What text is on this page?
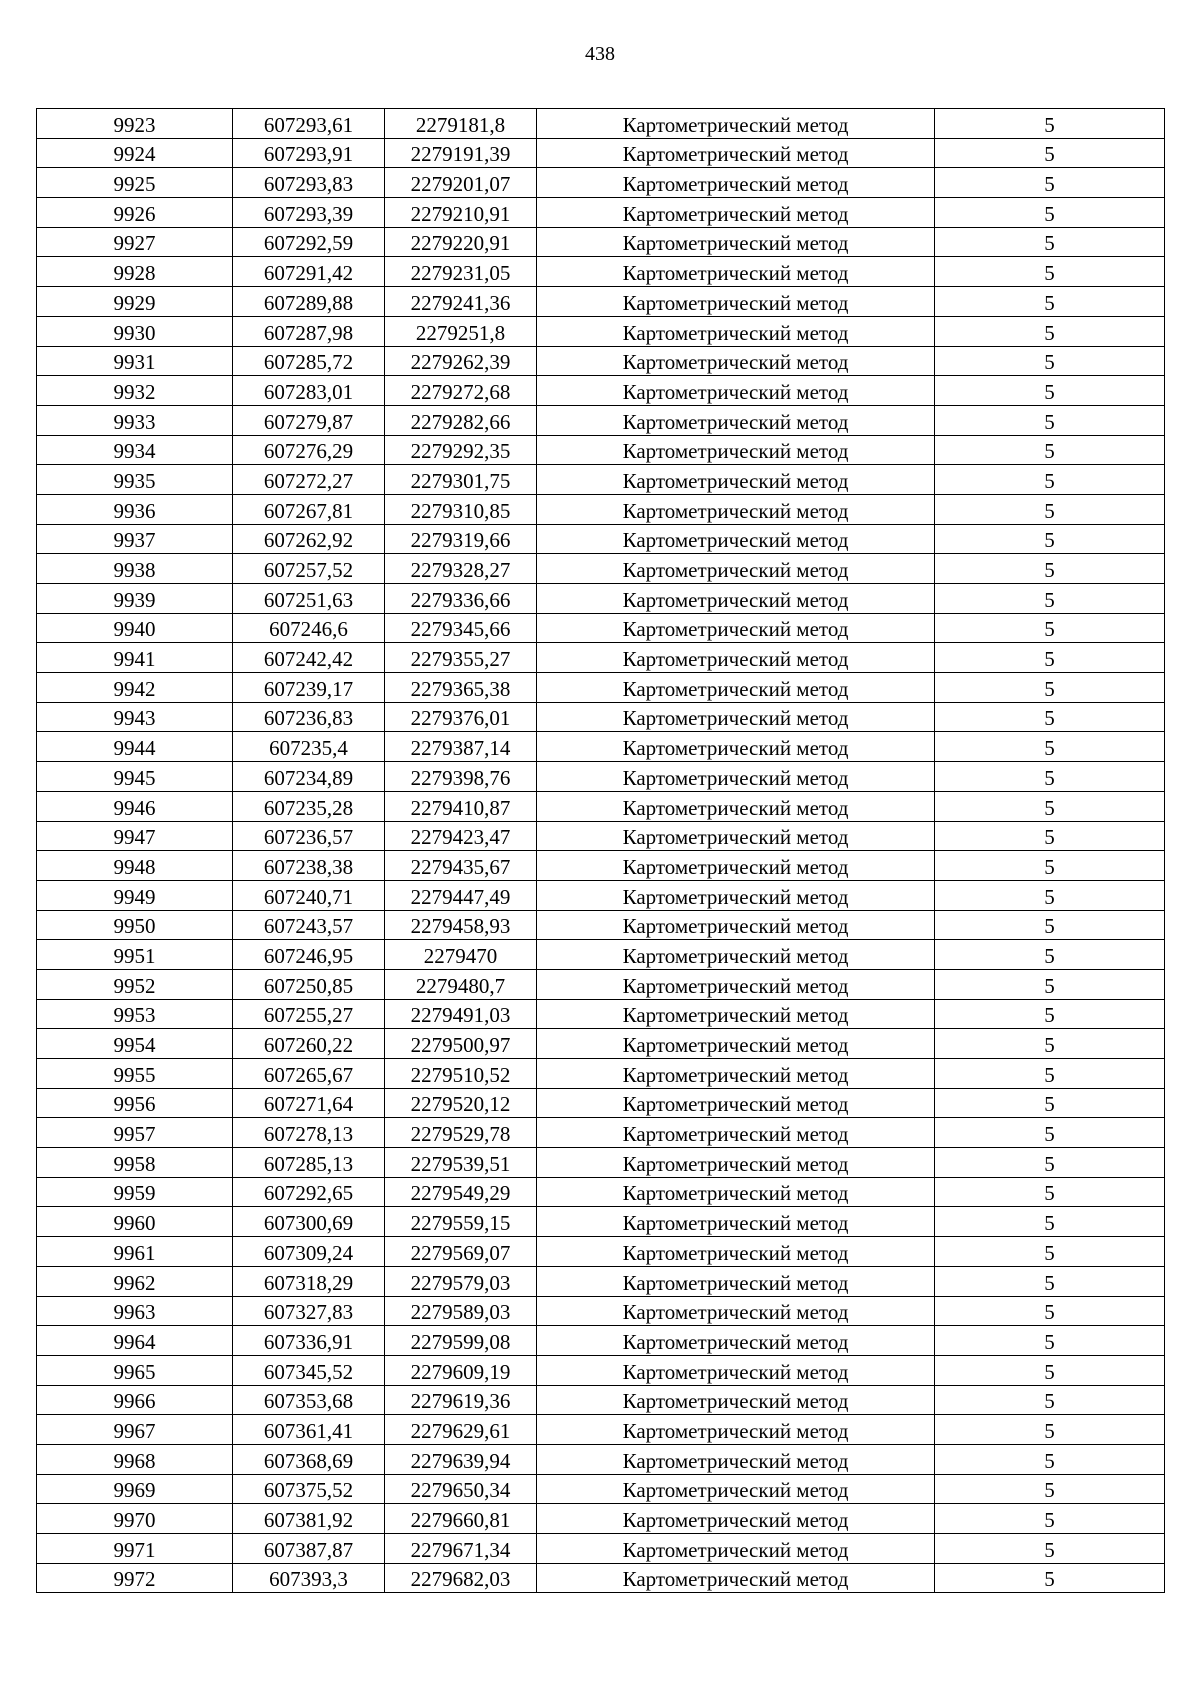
438
9923	607293,61	2279181,8	Картометрический метод	5
9924	607293,91	2279191,39	Картометрический метод	5
9925	607293,83	2279201,07	Картометрический метод	5
9926	607293,39	2279210,91	Картометрический метод	5
9927	607292,59	2279220,91	Картометрический метод	5
9928	607291,42	2279231,05	Картометрический метод	5
9929	607289,88	2279241,36	Картометрический метод	5
9930	607287,98	2279251,8	Картометрический метод	5
9931	607285,72	2279262,39	Картометрический метод	5
9932	607283,01	2279272,68	Картометрический метод	5
9933	607279,87	2279282,66	Картометрический метод	5
9934	607276,29	2279292,35	Картометрический метод	5
9935	607272,27	2279301,75	Картометрический метод	5
9936	607267,81	2279310,85	Картометрический метод	5
9937	607262,92	2279319,66	Картометрический метод	5
9938	607257,52	2279328,27	Картометрический метод	5
9939	607251,63	2279336,66	Картометрический метод	5
9940	607246,6	2279345,66	Картометрический метод	5
9941	607242,42	2279355,27	Картометрический метод	5
9942	607239,17	2279365,38	Картометрический метод	5
9943	607236,83	2279376,01	Картометрический метод	5
9944	607235,4	2279387,14	Картометрический метод	5
9945	607234,89	2279398,76	Картометрический метод	5
9946	607235,28	2279410,87	Картометрический метод	5
9947	607236,57	2279423,47	Картометрический метод	5
9948	607238,38	2279435,67	Картометрический метод	5
9949	607240,71	2279447,49	Картометрический метод	5
9950	607243,57	2279458,93	Картометрический метод	5
9951	607246,95	2279470	Картометрический метод	5
9952	607250,85	2279480,7	Картометрический метод	5
9953	607255,27	2279491,03	Картометрический метод	5
9954	607260,22	2279500,97	Картометрический метод	5
9955	607265,67	2279510,52	Картометрический метод	5
9956	607271,64	2279520,12	Картометрический метод	5
9957	607278,13	2279529,78	Картометрический метод	5
9958	607285,13	2279539,51	Картометрический метод	5
9959	607292,65	2279549,29	Картометрический метод	5
9960	607300,69	2279559,15	Картометрический метод	5
9961	607309,24	2279569,07	Картометрический метод	5
9962	607318,29	2279579,03	Картометрический метод	5
9963	607327,83	2279589,03	Картометрический метод	5
9964	607336,91	2279599,08	Картометрический метод	5
9965	607345,52	2279609,19	Картометрический метод	5
9966	607353,68	2279619,36	Картометрический метод	5
9967	607361,41	2279629,61	Картометрический метод	5
9968	607368,69	2279639,94	Картометрический метод	5
9969	607375,52	2279650,34	Картометрический метод	5
9970	607381,92	2279660,81	Картометрический метод	5
9971	607387,87	2279671,34	Картометрический метод	5
9972	607393,3	2279682,03	Картометрический метод	5
